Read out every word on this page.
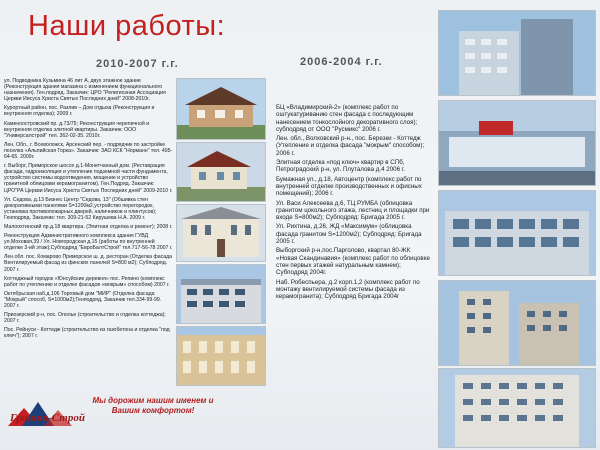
Наши работы:
2010-2007 г.г.	2006-2004 г.г.
ул. Подводника Кузьмина 46 лит А, двух этажное здание (Реконструкция здания магазина с изменением функционального назначения). Ген.подряд. Заказчик: ЦРО "Религиозная Ассоциация Церкви Иисуса Христа Святых Последних дней" 2008-2010г.
Курортный район, пос. Разлив – Дом отдыха (Реконструкция и внутренняя отделка); 2009 г.
Каменоостровский пр. д.73/75; Реконструкция черепичной и внутренняя отделка элитной квартиры. Заказчик: ООО "Универсалстрой" тел. 362-02-35. 2010г.
Лен. Обл., г. Всеволожск, Арсенский пер. - подрядчик по застройке поселка «Альпийская Горка». Заказчик: ЗАО КСК "Норманн" тел. 495-64-65. 2009г.
г. Выборг, Приморское шоссе д.1-Монетчанный дом. (Реставрация фасада, гидроизоляция и утепление подземной части фундамента, устройство системы водоотведения, мощение и устройство гранитной облицовки керамогранитом). Ген.Подряд. Заказчик: ЦРО"РА Церкви Иисуса Христа Святых Последних дней" 2009-2010 г.
Ул. Седова, д.13 Бизнес Центр "Седова, 13" (Обшивка стен декоративными панелями S=1200м2,устройство перегородок, установка противопожарных дверей, наличников и плинтусов); Генподряд. Заказчик: тел. 309-21-52 Кирушева Н.А. 2009 г.
Малоохтинский пр.д.18 квартира. (Элитная отделка и ремонт); 2008 г.
Реконструкция Административного комплекса здания ГУВД ул.Моховая,39 / Ул. Новгородская д.15 (работы по внутренней отделке 3-ий этаж);Субподряд "ЕвроБалтСтрой" тел.717-56-78 2007 г.
Лен.обл. пос. Комарово Приморское ш. д. ресторан (Отделка фасада Вентилируемый фасад из финских панелей S=800 м2); Субподряд. 2007 г.
Коттеджный городок «Юнсуйские деревня» пос. Репино (комплекс работ по утеплению и отделке фасадов «мокрым» способом) 2007 г.
Октябрьская наб.д.106 Торговый дом "МИР" (Отделка фасада "Мокрый" способ, S=1000м2);Генподряд, Заказчик тел.334-99-99. 2007 г.
Приозерский р-н, пос. Ополье (строительство и отделка коттеджа); 2007 г.
Пос. Рейнуси - Коттедж (строительство из газобетона и отделка "под ключ"); 2007 г.
БЦ «Владимирский-2» (комплекс работ по оштукатуриванию стен фасада с последующим нанесением тонкослойного декоративного слоя); субподряд от ООО "Русмикс" 2006 г.
Лен. обл., Волховский р-н., пос. Березки - Коттедж (Утепление и отделка фасада "мокрым" способом); 2006 г.
Элитная отделка «под ключ» квартир в СПб, Петроградский р-н, ул. Плуталова д.4 2006 г.
Бумажная ул., д.18, Автоцентр (комплекс работ по внутренней отделке производственных и офисных помещений); 2006 г.
Ул. Васи Алексеева д.6, ТЦ РУМБА (облицовка гранитом цокольного этажа, лестниц и площадки при входе S=800м2); Субподряд: Бригада 2005 г.
Ул. Рихтина, д.26, ЖД «Максимум» (облицовка фасада гранитом S=1200м2); Субподряд: Бригада 2005 г.
Выборгский р-н,пос.Парголово, квартал 80-ЖК «Новая Скандинавия» (комплекс работ по облицовке стен первых этажей натуральным камнем); Субподряд 2004г.
Наб. Робеспьера, д.2 корп.1,2 (комплекс работ по монтажу вентилируемой системы фасада из керамогранита); Субподряд Бригада 2004г
Гранит-Строй
Мы дорожим нашим именем и Вашим комфортом!
